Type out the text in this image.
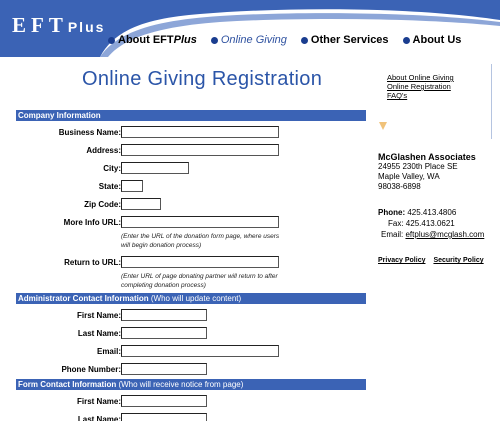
EFTPlus
About EFT Plus Online Giving Other Services About Us
Online Giving Registration
Company Information
Business Name:
Address:
City:
State:
Zip Code:
More Info URL:
(Enter the URL of the donation form page, where users will begin donation process)
Return to URL:
(Enter URL of page donating partner will return to after completing donation process)
Administrator Contact Information (Who will update content)
First Name:
Last Name:
Email:
Phone Number:
Form Contact Information (Who will receive notice from page)
First Name:
Last Name:
About Online Giving
Online Registration
FAQ's
McGlashen Associates
24955 230th Place SE
Maple Valley, WA
98038-6898
Phone: 425.413.4806
Fax: 425.413.0621
Email: eftplus@mcglash.com
Privacy Policy Security Policy
